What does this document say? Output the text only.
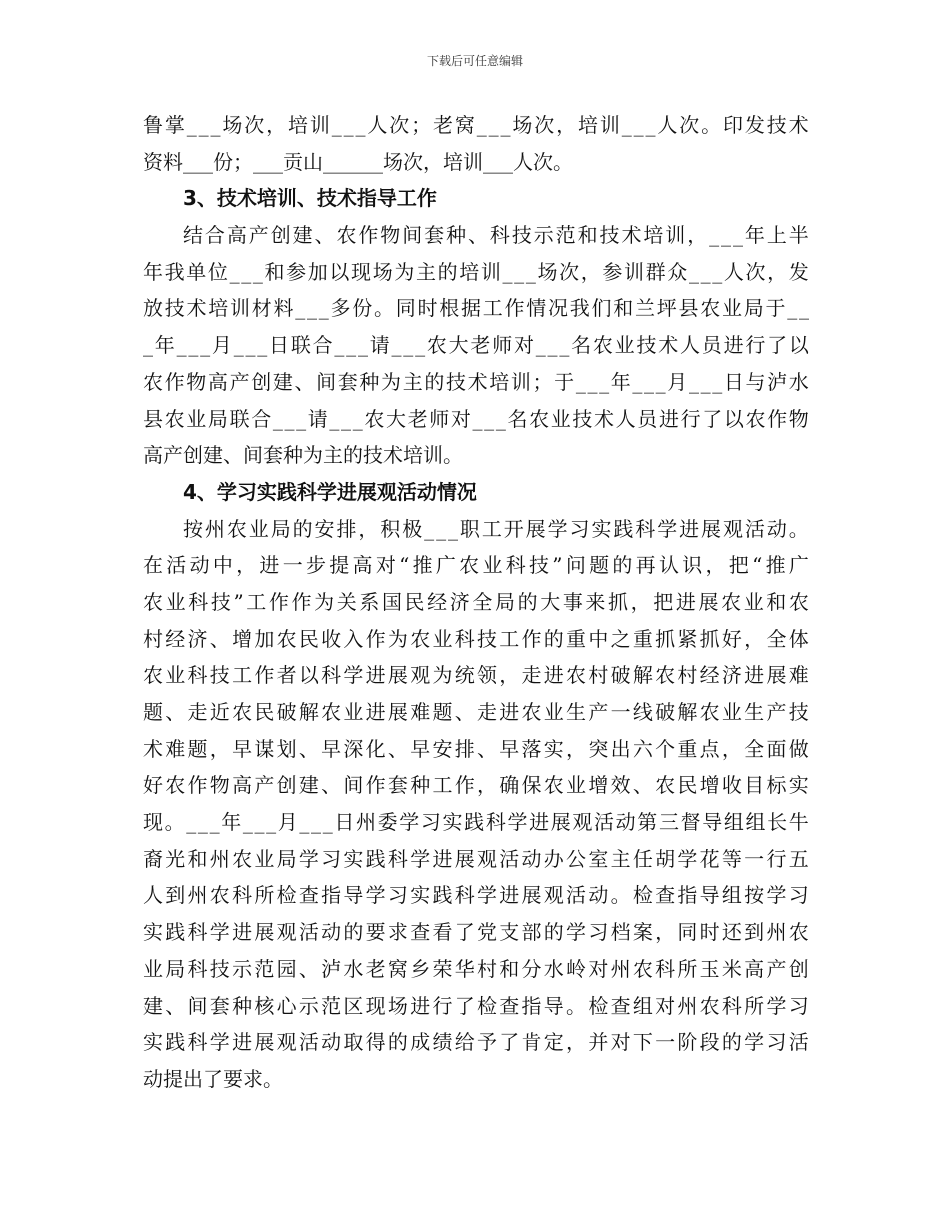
下载后可任意编辑
鲁 掌 _ _ _ 场 次 ， 培 训 _ _ _ 人 次 ； 老 窝 _ _ _ 场 次 ， 培 训 _ _ _ 人 次 。 印 发 技 术
资料___份；___贡山______场次，培训___人次。
3、技术培训、技术指导工作
结 合 高 产 创 建 、 农 作 物 间 套 种 、 科 技 示 范 和 技 术 培 训 ， _ _ _ 年 上 半
年 我 单 位 _ _ _ 和 参 加 以 现 场 为 主 的 培 训 _ _ _ 场 次 ， 参 训 群 众 _ _ _ 人 次 ， 发
放 技 术 培 训 材 料 _ _ _ 多 份 。 同 时 根 据 工 作 情 况 我 们 和 兰 坪 县 农 业 局 于 _ _
_ 年 _ _ _ 月 _ _ _ 日 联 合 _ _ _ 请 _ _ _ 农 大 老 师 对 _ _ _ 名 农 业 技 术 人 员 进 行 了 以
农 作 物 高 产 创 建 、 间 套 种 为 主 的 技 术 培 训 ； 于 _ _ _ 年 _ _ _ 月 _ _ _ 日 与 泸 水
县 农 业 局 联 合 _ _ _ 请 _ _ _ 农 大 老 师 对 _ _ _ 名 农 业 技 术 人 员 进 行 了 以 农 作 物
高产创建、间套种为主的技术培训。
4、学习实践科学进展观活动情况
按 州 农 业 局 的 安 排 ， 积 极 _ _ _ 职 工 开 展 学 习 实 践 科 学 进 展 观 活 动 。
在 活 动 中 ， 进 一 步 提 高 对 “ 推 广 农 业 科 技 ” 问 题 的 再 认 识 ， 把 “ 推 广
农 业 科 技 ” 工 作 作 为 关 系 国 民 经 济 全 局 的 大 事 来 抓 ， 把 进 展 农 业 和 农
村 经 济 、 增 加 农 民 收 入 作 为 农 业 科 技 工 作 的 重 中 之 重 抓 紧 抓 好 ， 全 体
农 业 科 技 工 作 者 以 科 学 进 展 观 为 统 领 ， 走 进 农 村 破 解 农 村 经 济 进 展 难
题 、 走 近 农 民 破 解 农 业 进 展 难 题 、 走 进 农 业 生 产 一 线 破 解 农 业 生 产 技
术 难 题 ， 早 谋 划 、 早 深 化 、 早 安 排 、 早 落 实 ， 突 出 六 个 重 点 ， 全 面 做
好 农 作 物 高 产 创 建 、 间 作 套 种 工 作 ， 确 保 农 业 增 效 、 农 民 增 收 目 标 实
现 。 _ _ _ 年 _ _ _ 月 _ _ _ 日 州 委 学 习 实 践 科 学 进 展 观 活 动 第 三 督 导 组 组 长 牛
裔 光 和 州 农 业 局 学 习 实 践 科 学 进 展 观 活 动 办 公 室 主 任 胡 学 花 等 一 行 五
人 到 州 农 科 所 检 查 指 导 学 习 实 践 科 学 进 展 观 活 动 。 检 查 指 导 组 按 学 习
实 践 科 学 进 展 观 活 动 的 要 求 查 看 了 党 支 部 的 学 习 档 案 ， 同 时 还 到 州 农
业 局 科 技 示 范 园 、 泸 水 老 窝 乡 荣 华 村 和 分 水 岭 对 州 农 科 所 玉 米 高 产 创
建 、 间 套 种 核 心 示 范 区 现 场 进 行 了 检 查 指 导 。 检 查 组 对 州 农 科 所 学 习
实 践 科 学 进 展 观 活 动 取 得 的 成 绩 给 予 了 肯 定 ， 并 对 下 一 阶 段 的 学 习 活
动提出了要求。
